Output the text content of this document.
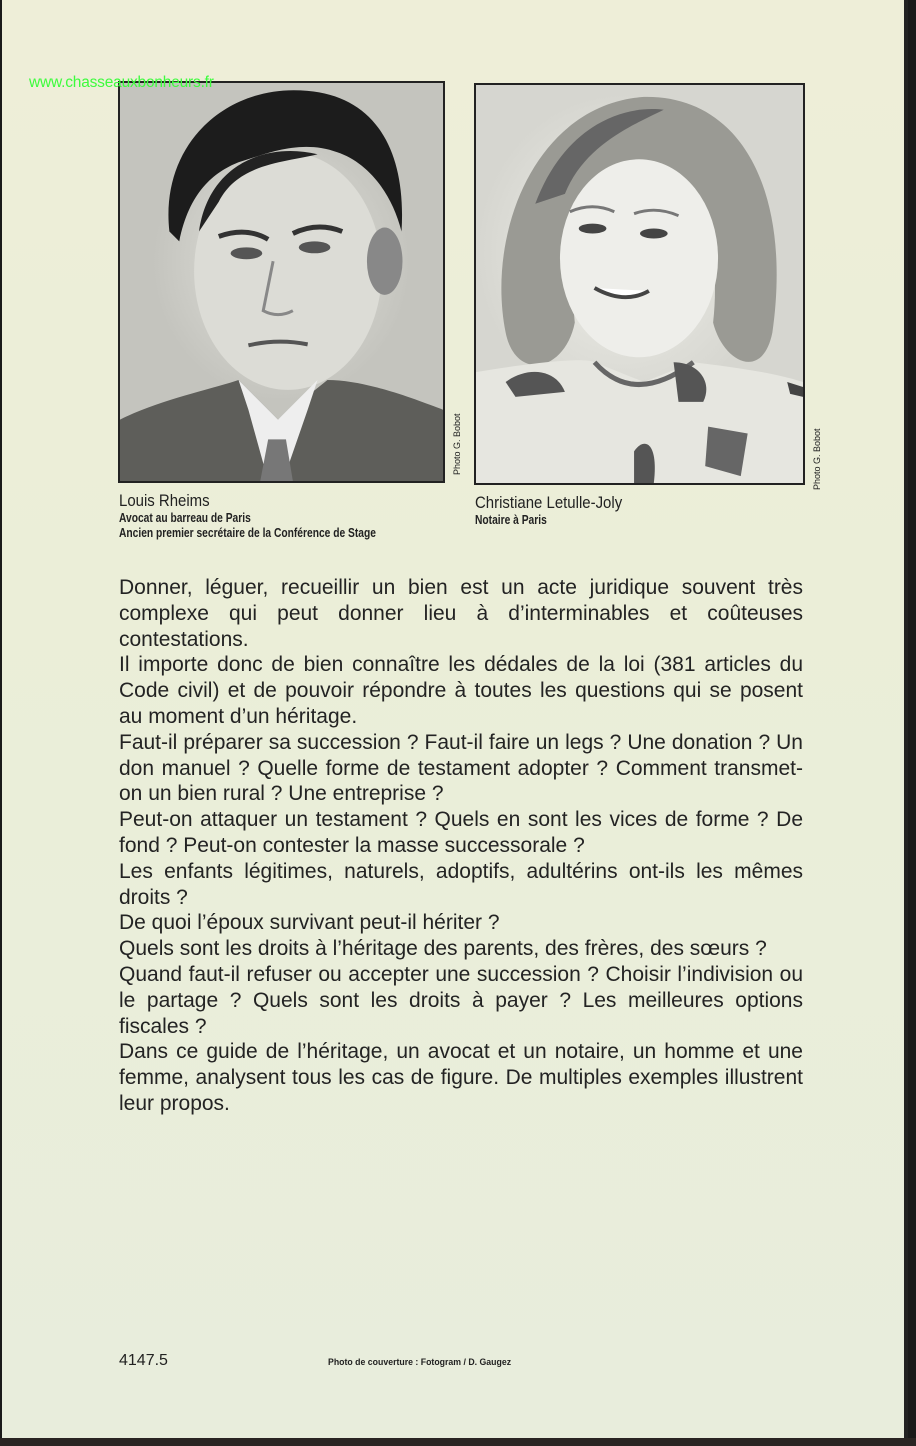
www.chasseauxbonheurs.fr
Photo G. Bobot	Photo G. Bobot
Louis Rheims
Avocat au barreau de Paris
Ancien premier secrétaire de la Conférence de Stage
Christiane Letulle-Joly
Notaire à Paris

Donner, léguer, recueillir un bien est un acte juridique souvent très complexe qui peut donner lieu à d’interminables et coûteuses contestations.

Il importe donc de bien connaître les dédales de la loi (381 articles du Code civil) et de pouvoir répondre à toutes les questions qui se posent au moment d’un héritage.

Faut-il préparer sa succession ? Faut-il faire un legs ? Une donation ? Un don manuel ? Quelle forme de testament adopter ? Comment transmet-on un bien rural ? Une entreprise ?

Peut-on attaquer un testament ? Quels en sont les vices de forme ? De fond ? Peut-on contester la masse successorale ?

Les enfants légitimes, naturels, adoptifs, adultérins ont-ils les mêmes droits ?

De quoi l’époux survivant peut-il hériter ?

Quels sont les droits à l’héritage des parents, des frères, des sœurs ?

Quand faut-il refuser ou accepter une succession ? Choisir l’indivision ou le partage ? Quels sont les droits à payer ? Les meilleures options fiscales ?

Dans ce guide de l’héritage, un avocat et un notaire, un homme et une femme, analysent tous les cas de figure. De multiples exemples illustrent leur propos.

4147.5	Photo de couverture : Fotogram / D. Gaugez
